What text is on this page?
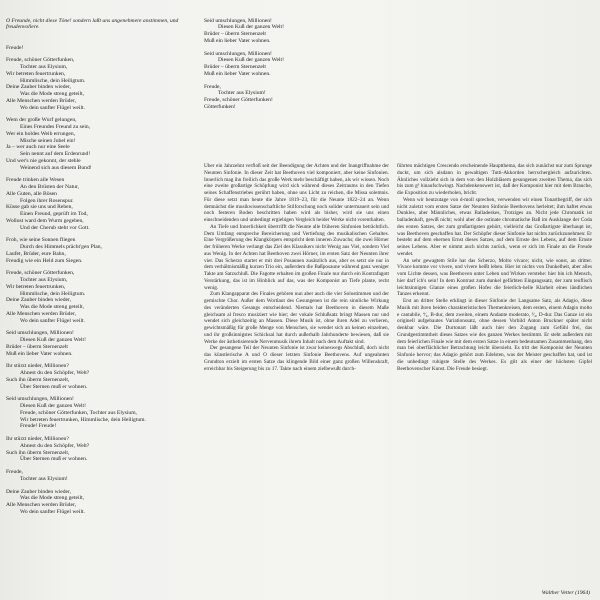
O Freunde, nicht diese Töne! sondern laßt uns angenehmere anstimmen, und freudenvollere.

Freude!
Freude, schöner Götterfunken,
Tochter aus Elysium,
Wir betreten feuertrunken,
Himmlische, dein Heiligtum.
Deine Zauber binden wieder,
Was die Mode streng geteilt,
Alle Menschen werden Brüder,
Wo dein sanfter Flügel weilt.
Wem der große Wurf gelungen,
Eines Freundes Freund zu sein,
Wer ein holdes Weib errungen,
Mische seinen Jubel ein!
Ja – wer auch nur eine Seele
Sein nennt auf dem Erdenrund!
Und wer's nie gekonnt, der stehle
Weinend sich aus diesem Bund!
Freude trinken alle Wesen
An den Brüsten der Natur,
Alle Guten, alle Bösen
Folgen ihrer Rosenspur.
Küsse gab sie uns und Reben,
Einen Freund, geprüft im Tod,
Wollust ward dem Wurm gegeben,
Und der Cherub steht vor Gott.
Froh, wie seine Sonnen fliegen
Durch des Himmels prächt'gen Plan,
Laufet, Brüder, eure Bahn,
Freudig wie ein Held zum Siegen.
Freude, schöner Götterfunken,
Tochter aus Elysium,
Wir betreten feuertrunken,
Himmlische, dein Heiligtum.
Deine Zauber binden wieder,
Was die Mode streng geteilt,
Alle Menschen werden Brüder,
Wo dein sanfter Flügel weilt.
Seid umschlungen, Millionen!
Diesen Kuß der ganzen Welt!
Brüder – überm Sternenzelt
Muß ein lieber Vater wohnen.
Ihr stürzt nieder, Millionen?
Ahnest du den Schöpfer, Welt?
Such ihn überm Sternenzelt,
Über Sternen muß er wohnen.
Seid umschlungen, Millionen!
Diesen Kuß der ganzen Welt!
Freude, schöner Götterfunken, Tochter aus Elysium,
Wir betreten feuertrunken, Himmlische, dein Heiligtum.
Freude! Freude!
Ihr stürzt nieder, Millionen?
Ahnest du den Schöpfer, Welt?
Such ihn überm Sternenzelt,
Über Sternen muß er wohnen.
Freude,
Tochter aus Elysium!
Deine Zauber binden wieder,
Was die Mode streng geteilt,
Alle Menschen werden Brüder,
Wo dein sanfter Flügel weilt.

Seid umschlungen, Millionen!
Diesen Kuß der ganzen Welt!
Brüder – überm Sternenzelt
Muß ein lieber Vater wohnen.
Seid umschlungen, Millionen!
Diesen Kuß der ganzen Welt!
Brüder – überm Sternenzelt
Muß ein lieber Vater wohnen.
Freude,
Tochter aus Elysium!
Freude, schöner Götterfunken!
Götterfunken!

Über ein Jahrzehnt verfloß seit der Beendigung der Achten und der Inangriffnahme der Neunten Sinfonie. In dieser Zeit hat Beethoven viel komponiert, aber keine Sinfonien. Innerlich mag ihn freilich das große Werk mehr beschäftigt haben, als wir wissen. Noch eine zweite großartige Schöpfung wird sich während dieses Zeitraums in den Tiefen seines Schaffenstriebes gerührt haben, ohne uns Licht zu reichen, die Missa solemnis. Für diese setzt man heute die Jahre 1819–23, für die Neunte 1822–24 an. Wenn demnächst die musikwissenschaftliche Stilforschung noch solider untermauert sein und noch festeren Boden beschritten haben wird als bisher, wird sie uns einen einschneidenden und unbedingt ergiebigen Vergleich beider Werke nicht vorenthalten.

An Tiefe und Innerlichkeit übertrifft die Neunte alle früheren Sinfonien beträchtlich. Dem Umfang entspreche Bereicherung und Vertiefung des musikalischen Gehaltes. Eine Vergrößerung des Klangkörpers entspricht dem inneren Zuwachs; die zwei Hörner der früheren Werke verlangt das Ziel des Klassikers nicht Wenig aus Viel, sondern Viel aus Wenig. In der Achten hat Beethoven zwei Hörner, im ersten Satz der Neunten ihrer vier. Das Scherzo startet er mit drei Posaunen zusätzlich aus, aber es setzt sie nur in dem verhältnismäßig kurzen Trio ein, außerdem die Baßposaune während ganz weniger Takte am Satzschluß. Die Fagotte erhalten im großen Finale nur durch ein Kontrafagott Verstärkung, das ist im Hinblick auf das, was der Komponist an Tiefe plante, recht wenig.

Zum Klangapparat des Finales gehören nun aber auch die vier Solostimmen und der gemischte Chor. Außer dem Wortlaut des Gesungenen ist die rein sinnliche Wirkung des veränderten Gesangs entscheidend. Niemals hat Beethoven in diesem Maße gleichsam al fresco musiziert wie hier; der vokale Schlußsatz bringt Massen nur und wendet sich gleichzeitig an Massen. Diese Musik ist, ohne ihren Adel zu verlieren, gewichtsmäßig für große Menge von Menschen, sie wendet sich an keinen einzelnen, und ihr großsinnigstes Schicksal hat durch außerhalb Jahrhunderte bewiesen, daß sie Werke der ästhetisierende Nervenmusik ihrem Inhalt nach dem Auftakt sind.

Der gesangene Teil der Neunten Sinfonie ist zwar keineswegs Abschluß, doch nicht das künstlerische A und O dieser letzten Sinfonie Beethovens. Auf ungeahnten Grundton erzielt im ersten Satze das klingende Bild einer ganz großen Willenskraft, erreichbar bis Steigerung bis zu 17. Takte nach einem zielbewußt durch-

führten mächtigen Crescendo erscheinende Hauptthema, das sich zunächst nur zum Sprunge duckt, um sich alsdann in gewaltigen Tutti-Akkorden herrschergleich aufzurichten. Ähnliches vollzieht sich in dem von den Holzbläsern gesungenen zweiten Thema, das sich bis zum g³ hinaufschwingt. Nachdenkenswert ist, daß der Komponist hier mit dem Brauche, die Exposition zu wiederholen, bricht.

Wenn wir heutzutage von d-moll sprechen, verwenden wir einen Tonartbegriff, der sich nicht zuletzt vom ersten Satze der Neunten Sinfonie Beethovens herleitet; ihm haftet etwas Dunkles, aber Männliches, etwas Balladeskes, Trotziges an. Nicht jede Chromatik ist balladenhaft, gewiß nicht; wohl aber die ostinate chromatische Baß im Ausklange der Coda des ersten Satzes, der zum großartigsten gehört, vielleicht das Großartigste überhaupt ist, was Beethoven geschaffen hat. Der Schöpfer dieser Sinfonie hat nichts zurückzunehmen: Er besteht auf dem ehernen Ernst dieses Satzes, auf dem Ernste des Lebens, auf dem Ernste seines Lebens. Aber er nimmt auch nichts zurück, wenn er sich im Finale an die Freude wendet.

An sehr gewagtem Stile hat das Scherzo, Molto vivace; nicht, wie sonst, an dritter. Vivace komme vor vivere, und vivere heißt leben. Hier ist nichts von Dunkelheit, aber alles vom Lichte dessen, was Beethoven unter Leben und Wirken verstehe: hier bin ich Mensch, hier darf ich's sein! In dem Kontrast zum dunkel gefärbten Eingangssatz, der zum teuflisch leichtsinnigen Glanze eines großen Hofes die feierlich-helle Klarheit eines ländlichen Tanzes erkennt.

Erst an dritter Stelle erklingt in dieser Sinfonie der Langsame Satz, als Adagio, diese Musik mit ihren beiden charakteristischen Themenkreisen, dem ersten, einem Adagio molto e cantabile, ⁴⁄₄, B-dur, dem zweiten, einem Andante moderato, ³⁄₄, D-dur. Das Ganze ist ein originell aufgebautes Variationssatz, ohne dessen Vorbild Anton Bruckner später nicht denkbar wäre. Die Durtonart läßt auch hier den Zugang zum Gefühl frei, das Grundgestimmtheit dieses Satzes wie des ganzen Werkes bestimmt. Er steht außerdem mit dem feierlichen Finale wie mit dem ersten Satze in einem bedeutsamen Zusammenhang, den man bei oberflächlicher Betrachtung leicht übersieht. Es tritt der Komponist der Neunten Sinfonie hervor; das Adagio gehört zum Edelsten, was der Meister geschaffen hat, und ist die unbedingt ruhigste Stelle des Werkes. Es gilt als einer der höchsten Gipfel Beethovenscher Kunst. Die Freude besiegt.

Walther Vetter (1964)
